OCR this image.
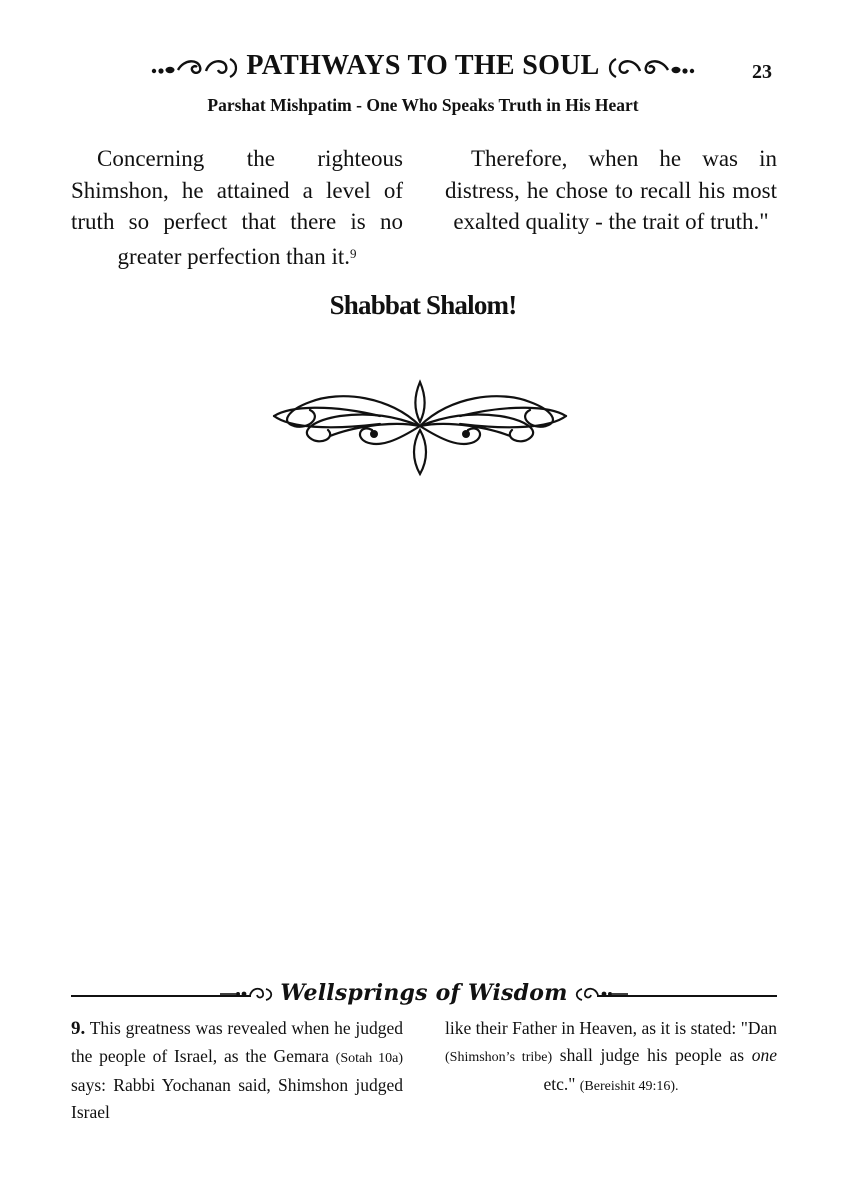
PATHWAYS TO THE SOUL	23
Parshat Mishpatim - One Who Speaks Truth in His Heart

Concerning the righteous Shimshon, he attained a level of truth so perfect that there is no greater perfection than it.$^9$

Therefore, when he was in distress, he chose to recall his most exalted quality - the trait of truth."

Shabbat Shalom!
Wellsprings of Wisdom

9. This greatness was revealed when he judged the people of Israel, as the Gemara (Sotah 10a) says: Rabbi Yochanan said, Shimshon judged Israel

like their Father in Heaven, as it is stated: "Dan (Shimshon’s tribe) shall judge his people as one etc." (Bereishit 49:16).
